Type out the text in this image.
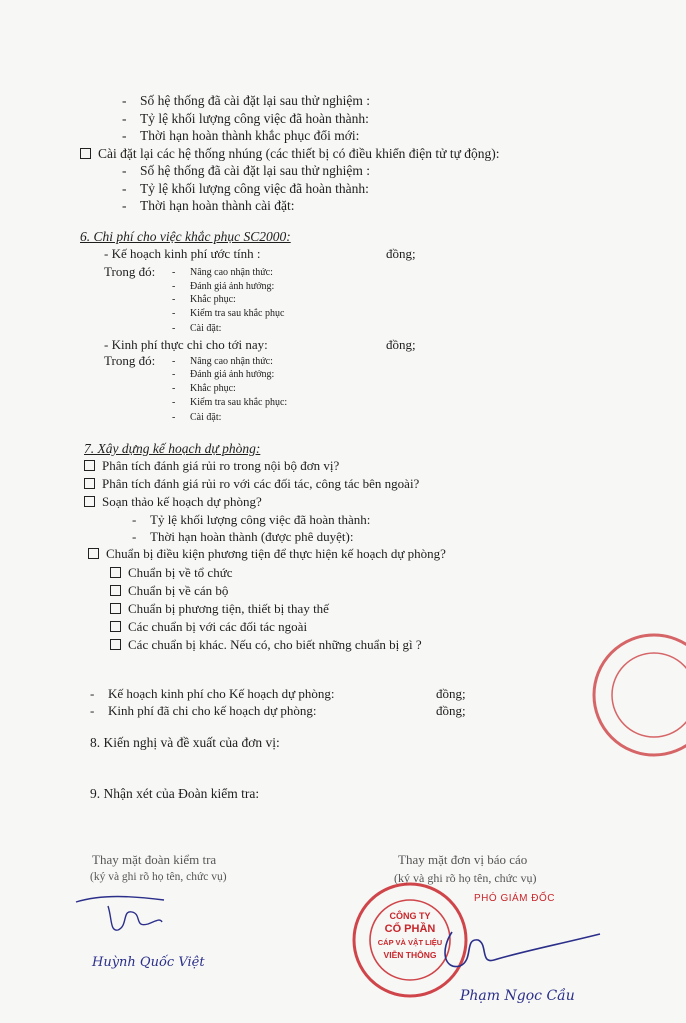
- Số hệ thống đã cài đặt lại sau thử nghiệm :
- Tỷ lệ khối lượng công việc đã hoàn thành:
- Thời hạn hoàn thành khắc phục đổi mới:
Cài đặt lại các hệ thống nhúng (các thiết bị có điều khiển điện tử tự động):
- Số hệ thống đã cài đặt lại sau thử nghiệm :
- Tỷ lệ khối lượng công việc đã hoàn thành:
- Thời hạn hoàn thành cài đặt:
6. Chi phí cho việc khắc phục SC2000:
- Kế hoạch kinh phí ước tính :	đồng;
Trong đó: - Nâng cao nhận thức:
- Đánh giá ảnh hưởng:
- Khắc phục:
- Kiểm tra sau khắc phục
- Cài đặt:
- Kinh phí thực chi cho tới nay:	đồng;
Trong đó: - Nâng cao nhận thức:
- Đánh giá ảnh hưởng:
- Khắc phục:
- Kiểm tra sau khắc phục:
- Cài đặt:
7. Xây dựng kế hoạch dự phòng:
Phân tích đánh giá rủi ro trong nội bộ đơn vị?
Phân tích đánh giá rủi ro với các đối tác, công tác bên ngoài?
Soạn thảo kế hoạch dự phòng?
- Tỷ lệ khối lượng công việc đã hoàn thành:
- Thời hạn hoàn thành (được phê duyệt):
Chuẩn bị điều kiện phương tiện để thực hiện kế hoạch dự phòng?
Chuẩn bị về tổ chức
Chuẩn bị về cán bộ
Chuẩn bị phương tiện, thiết bị thay thế
Các chuẩn bị với các đối tác ngoài
Các chuẩn bị khác. Nếu có, cho biết những chuẩn bị gì ?
- Kế hoạch kinh phí cho Kế hoạch dự phòng:	đồng;
- Kinh phí đã chi cho kế hoạch dự phòng:	đồng;
8. Kiến nghị và đề xuất của đơn vị:
9. Nhận xét của Đoàn kiểm tra:
Thay mặt đoàn kiểm tra
(ký và ghi rõ họ tên, chức vụ)
Huỳnh Quốc Việt
Thay mặt đơn vị báo cáo
(ký và ghi rõ họ tên, chức vụ)
PHÓ GIÁM ĐỐC
CÔNG TY
CỔ PHẦN
CÁP VÀ VẬT LIỆU
VIỄN THÔNG
Phạm Ngọc Cầu
